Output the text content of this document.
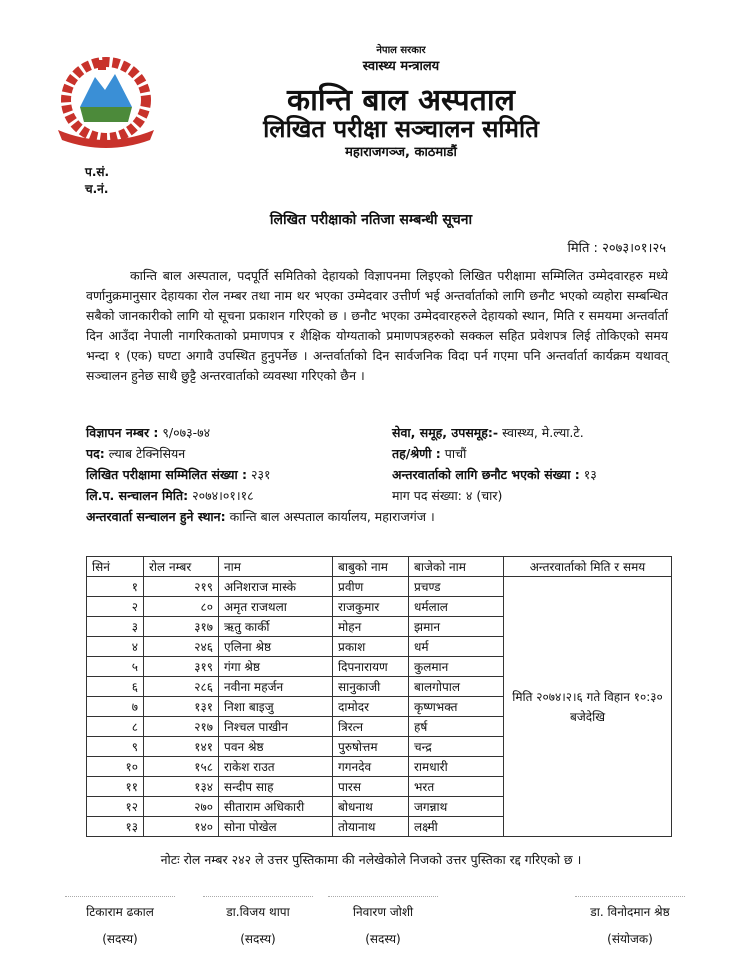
नेपाल सरकार
स्वास्थ्य मन्त्रालय
कान्ति बाल अस्पताल
लिखित परीक्षा सञ्चालन समिति
महाराजगञ्ज, काठमाडौं
प.सं.
च.नं.
लिखित परीक्षाको नतिजा सम्बन्धी सूचना
मिति : २०७३।०१।२५
कान्ति बाल अस्पताल, पदपूर्ति समितिको देहायको विज्ञापनमा लिइएको लिखित परीक्षामा सम्मिलित उम्मेदवारहरु मध्ये वर्णानुक्रमानुसार देहायका रोल नम्बर तथा नाम थर भएका उम्मेदवार उत्तीर्ण भई अन्तर्वार्ताको लागि छनौट भएको व्यहोरा सम्बन्धित सबैको जानकारीको लागि यो सूचना प्रकाशन गरिएको छ । छनौट भएका उम्मेदवारहरुले देहायको स्थान, मिति र समयमा अन्तर्वार्ता दिन आउँदा नेपाली नागरिकताको प्रमाणपत्र र शैक्षिक योग्यताको प्रमाणपत्रहरुको सक्कल सहित प्रवेशपत्र लिई तोकिएको समय भन्दा १ (एक) घण्टा अगावै उपस्थित हुनुपर्नेछ । अन्तर्वार्ताको दिन सार्वजनिक विदा पर्न गएमा पनि अन्तर्वार्ता कार्यक्रम यथावत् सञ्चालन हुनेछ साथै छुट्टै अन्तरवार्ताको व्यवस्था गरिएको छैन ।
विज्ञापन नम्बर : ९/०७३-७४	सेवा, समूह, उपसमूह:- स्वास्थ्य, मे.ल्या.टे.
पद: ल्याब टेक्निसियन	तह/श्रेणी : पाचौं
लिखित परीक्षामा सम्मिलित संख्या : २३१	अन्तरवार्ताको लागि छनौट भएको संख्या : १३
लि.प. सन्चालन मिति: २०७४।०१।१८	माग पद संख्या: ४ (चार)
अन्तरवार्ता सन्चालन हुने स्थान: कान्ति बाल अस्पताल कार्यालय, महाराजगंज ।
सिनं	रोल नम्बर	नाम	बाबुको नाम	बाजेको नाम	अन्तरवार्ताको मिति र समय
१	२१९	अनिशराज मास्के	प्रवीण	प्रचण्ड	मिति २०७४।२।६ गते विहान १०:३० बजेदेखि
२	८०	अमृत राजथला	राजकुमार	धर्मलाल	
३	३१७	ऋतु कार्की	मोहन	झमान	
४	२४६	एलिना श्रेष्ठ	प्रकाश	धर्म	
५	३१९	गंगा श्रेष्ठ	दिपनारायण	कुलमान	
६	२८६	नवीना महर्जन	सानुकाजी	बालगोपाल	
७	१३१	निशा बाइजु	दामोदर	कृष्णभक्त	
८	२१७	निश्चल पाखीन	त्रिरत्न	हर्ष	
९	१४१	पवन श्रेष्ठ	पुरुषोत्तम	चन्द्र	
१०	१५८	राकेश राउत	गगनदेव	रामधारी	
११	१३४	सन्दीप साह	पारस	भरत	
१२	२७०	सीताराम अधिकारी	बोधनाथ	जगन्नाथ	
१३	१४०	सोना पोखेल	तोयानाथ	लक्ष्मी	
नोटः रोल नम्बर २४२ ले उत्तर पुस्तिकामा की नलेखेकोले निजको उत्तर पुस्तिका रद्द गरिएको छ ।
टिकाराम ढकाल
(सदस्य)
डा.विजय थापा
(सदस्य)
निवारण जोशी
(सदस्य)
डा. विनोदमान श्रेष्ठ
(संयोजक)
